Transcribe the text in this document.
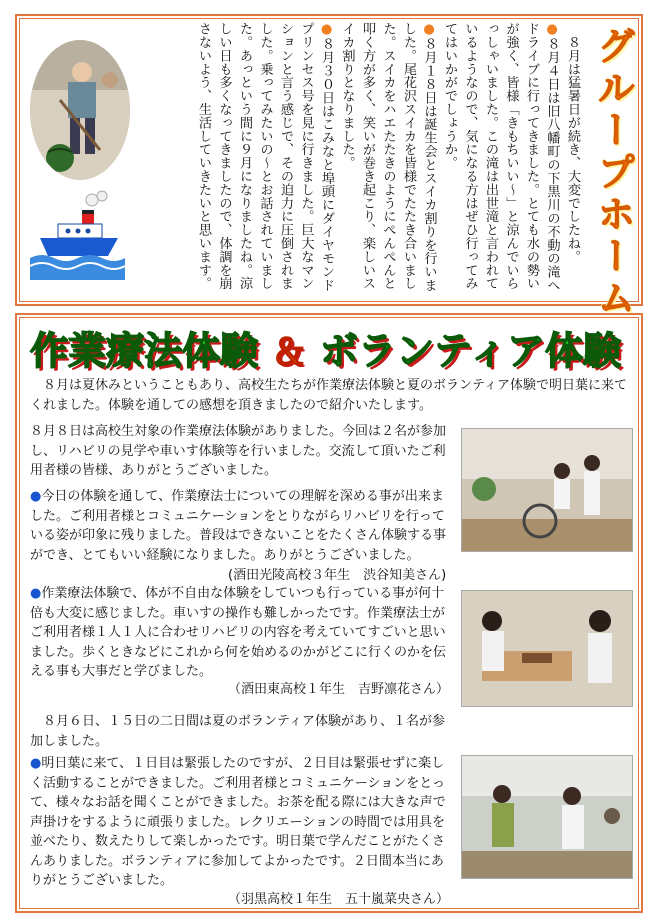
グループホーム
　８月は猛暑日が続き、大変でしたね。
●８月４日は旧八幡町の下黒川の不動の滝へドライブに行ってきました。とても水の勢いが強く、皆様「きもちいい〜」と涼んでいらっしゃいました。この滝は出世滝と言われているようなので、気になる方はぜひ行ってみてはいかがでしょうか。
●８月１８日は誕生会とスイカ割りを行いました。尾花沢スイカを皆様でたたき合いました。スイカをハエたたきのようにぺんぺんと叩く方が多く、笑いが巻き起こり、楽しいスイカ割りとなりました。
●８月３０日はこみなと埠頭にダイヤモンドプリンセス号を見に行きました。巨大なマンションと言う感じで、その迫力に圧倒されました。乗ってみたいの〜とお話されていました。あっという間に９月になりましたね。涼しい日も多くなってきましたので、体調を崩さないよう、生活していきたいと思います。
作業療法体験 ＆ ボランティア体験
　８月は夏休みということもあり、高校生たちが作業療法体験と夏のボランティア体験で明日葉に来てくれました。体験を通しての感想を頂きましたので紹介いたします。
８月８日は高校生対象の作業療法体験がありました。今回は２名が参加し、リハビリの見学や車いす体験等を行いました。交流して頂いたご利用者様の皆様、ありがとうございました。
●今日の体験を通して、作業療法士についての理解を深める事が出来ました。ご利用者様とコミュニケーションをとりながらリハビリを行っている姿が印象に残りました。普段はできないことをたくさん体験する事ができ、とてもいい経験になりました。ありがとうございました。
(酒田光陵高校３年生　渋谷知美さん)
●作業療法体験で、体が不自由な体験をしていつも行っている事が何十倍も大変に感じました。車いすの操作も難しかったです。作業療法士がご利用者様１人１人に合わせリハビリの内容を考えていてすごいと思いました。歩くときなどにこれから何を始めるのかがどこに行くのかを伝える事も大事だと学びました。
（酒田東高校１年生　吉野凛花さん）
　８月６日、１５日の二日間は夏のボランティア体験があり、１名が参加しました。
●明日葉に来て、１日目は緊張したのですが、２日目は緊張せずに楽しく活動することができました。ご利用者様とコミュニケーションをとって、様々なお話を聞くことができました。お茶を配る際には大きな声で声掛けをするように頑張りました。レクリエーションの時間では用具を並べたり、数えたりして楽しかったです。明日葉で学んだことがたくさんありました。ボランティアに参加してよかったです。２日間本当にありがとうございました。
（羽黒高校１年生　五十嵐菜央さん）
